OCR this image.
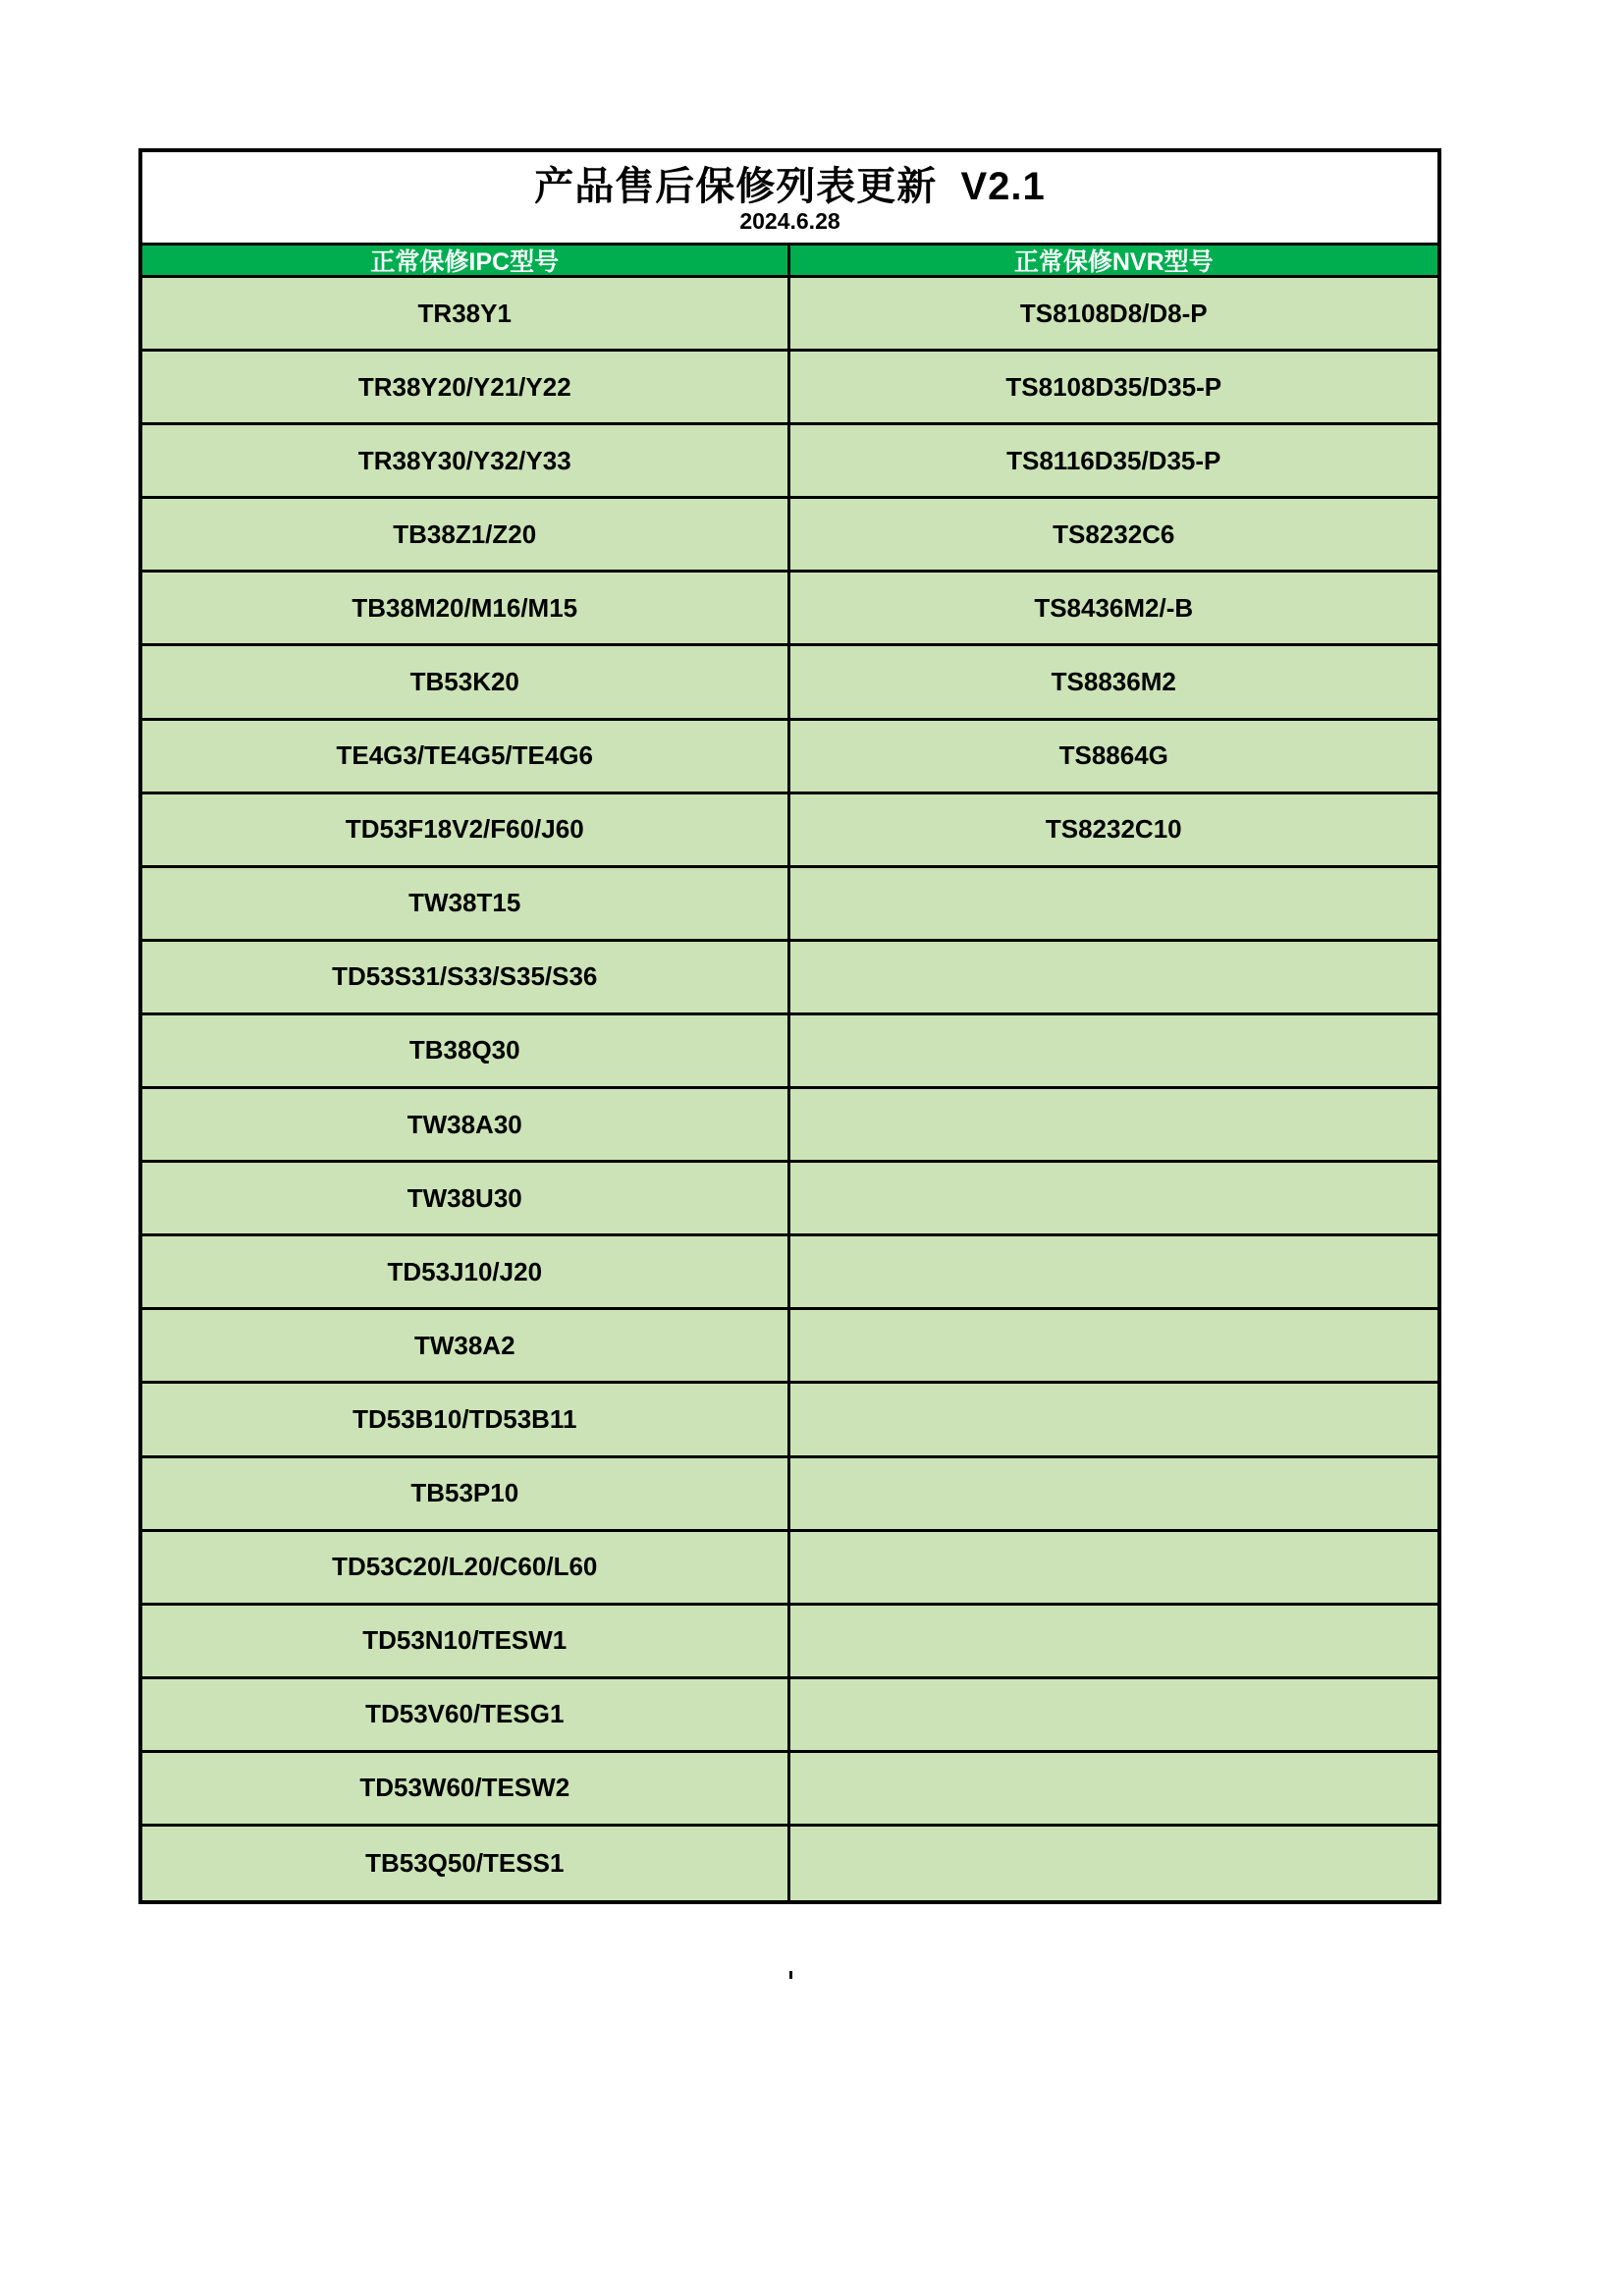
产品售后保修列表更新  V2.1
2024.6.28
正常保修IPC型号	正常保修NVR型号
TR38Y1	TS8108D8/D8-P
TR38Y20/Y21/Y22	TS8108D35/D35-P
TR38Y30/Y32/Y33	TS8116D35/D35-P
TB38Z1/Z20	TS8232C6
TB38M20/M16/M15	TS8436M2/-B
TB53K20	TS8836M2
TE4G3/TE4G5/TE4G6	TS8864G
TD53F18V2/F60/J60	TS8232C10
TW38T15
TD53S31/S33/S35/S36
TB38Q30
TW38A30
TW38U30
TD53J10/J20
TW38A2
TD53B10/TD53B11
TB53P10
TD53C20/L20/C60/L60
TD53N10/TESW1
TD53V60/TESG1
TD53W60/TESW2
TB53Q50/TESS1
